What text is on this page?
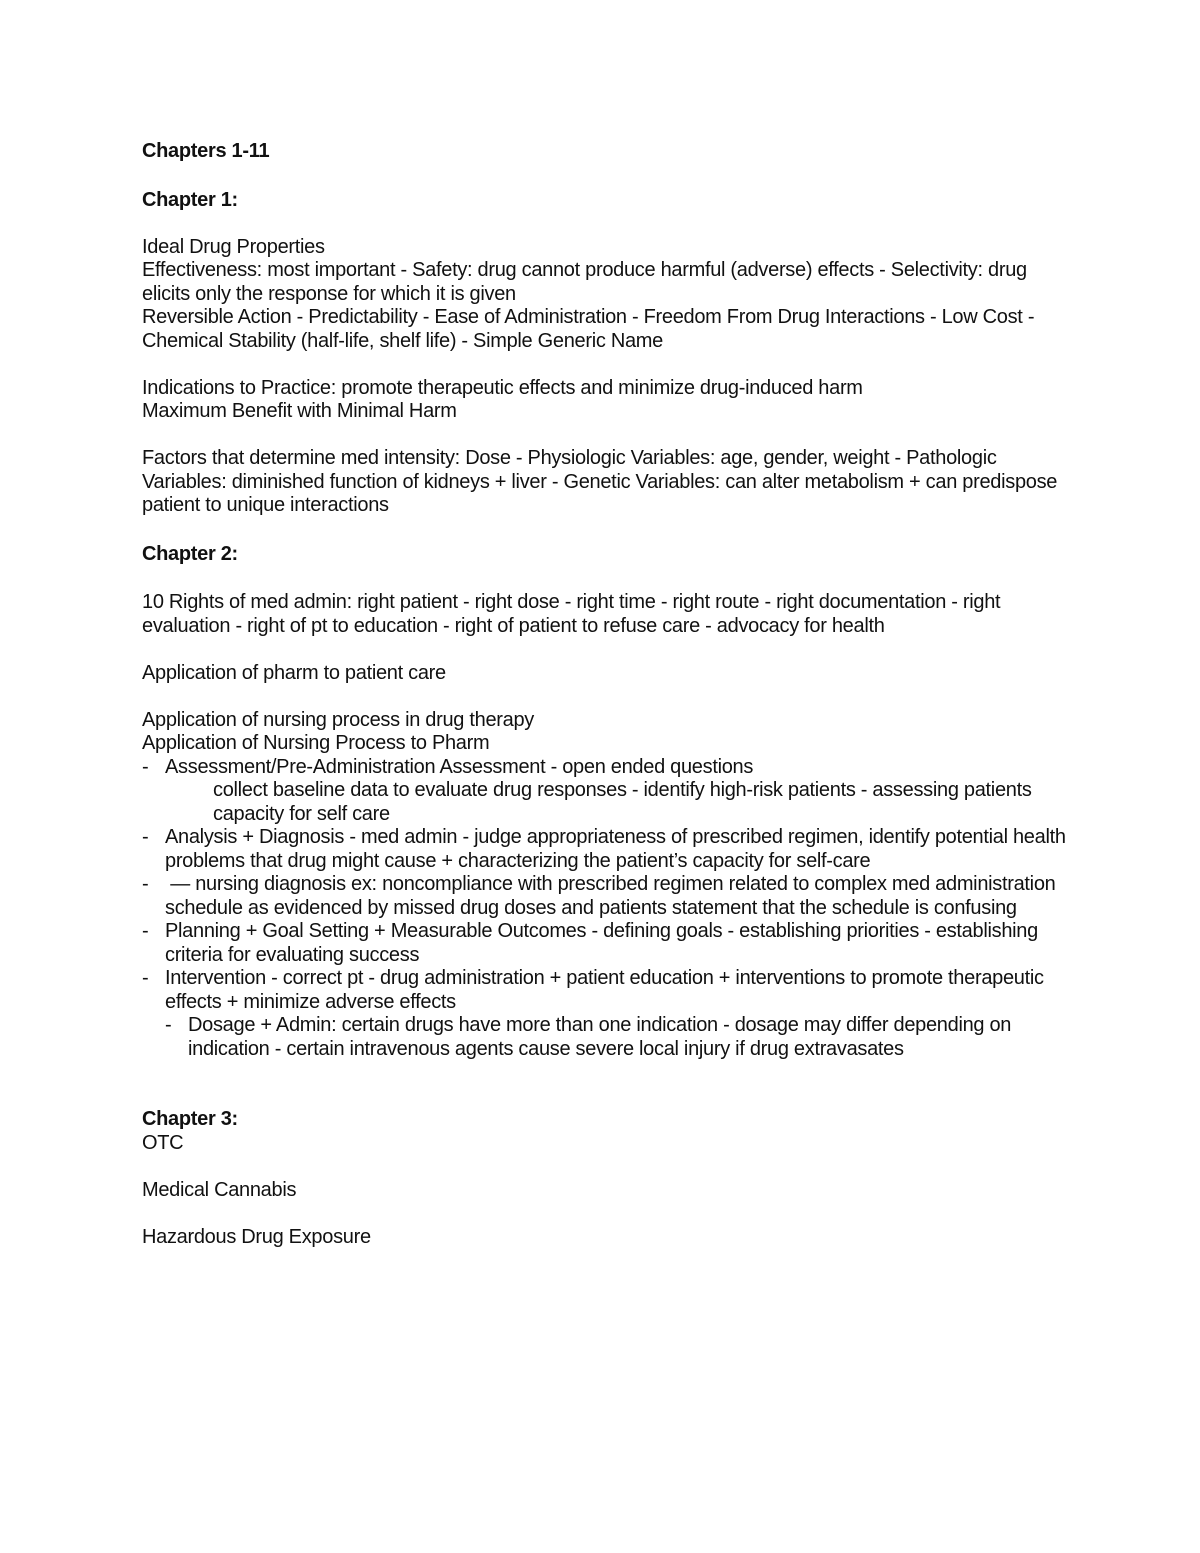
Chapters 1-11

Chapter 1:

Ideal Drug Properties

Effectiveness: most important - Safety: drug cannot produce harmful (adverse) effects - Selectivity: drug elicits only the response for which it is given

Reversible Action - Predictability - Ease of Administration - Freedom From Drug Interactions - Low Cost - Chemical Stability (half-life, shelf life) - Simple Generic Name

Indications to Practice: promote therapeutic effects and minimize drug-induced harm

Maximum Benefit with Minimal Harm

Factors that determine med intensity: Dose - Physiologic Variables: age, gender, weight - Pathologic Variables: diminished function of kidneys + liver - Genetic Variables: can alter metabolism + can predispose patient to unique interactions

Chapter 2:

10 Rights of med admin: right patient - right dose - right time - right route - right documentation - right evaluation - right of pt to education - right of patient to refuse care - advocacy for health

Application of pharm to patient care

Application of nursing process in drug therapy

Application of Nursing Process to Pharm

- Assessment/Pre-Administration Assessment - open ended questions
collect baseline data to evaluate drug responses - identify high-risk patients - assessing patients capacity for self care
- Analysis + Diagnosis - med admin - judge appropriateness of prescribed regimen, identify potential health problems that drug might cause + characterizing the patient’s capacity for self-care
-  — nursing diagnosis ex: noncompliance with prescribed regimen related to complex med administration schedule as evidenced by missed drug doses and patients statement that the schedule is confusing
- Planning + Goal Setting + Measurable Outcomes - defining goals - establishing priorities - establishing criteria for evaluating success
- Intervention - correct pt - drug administration + patient education + interventions to promote therapeutic effects + minimize adverse effects
- Dosage + Admin: certain drugs have more than one indication - dosage may differ depending on indication - certain intravenous agents cause severe local injury if drug extravasates

Chapter 3:

OTC

Medical Cannabis

Hazardous Drug Exposure
